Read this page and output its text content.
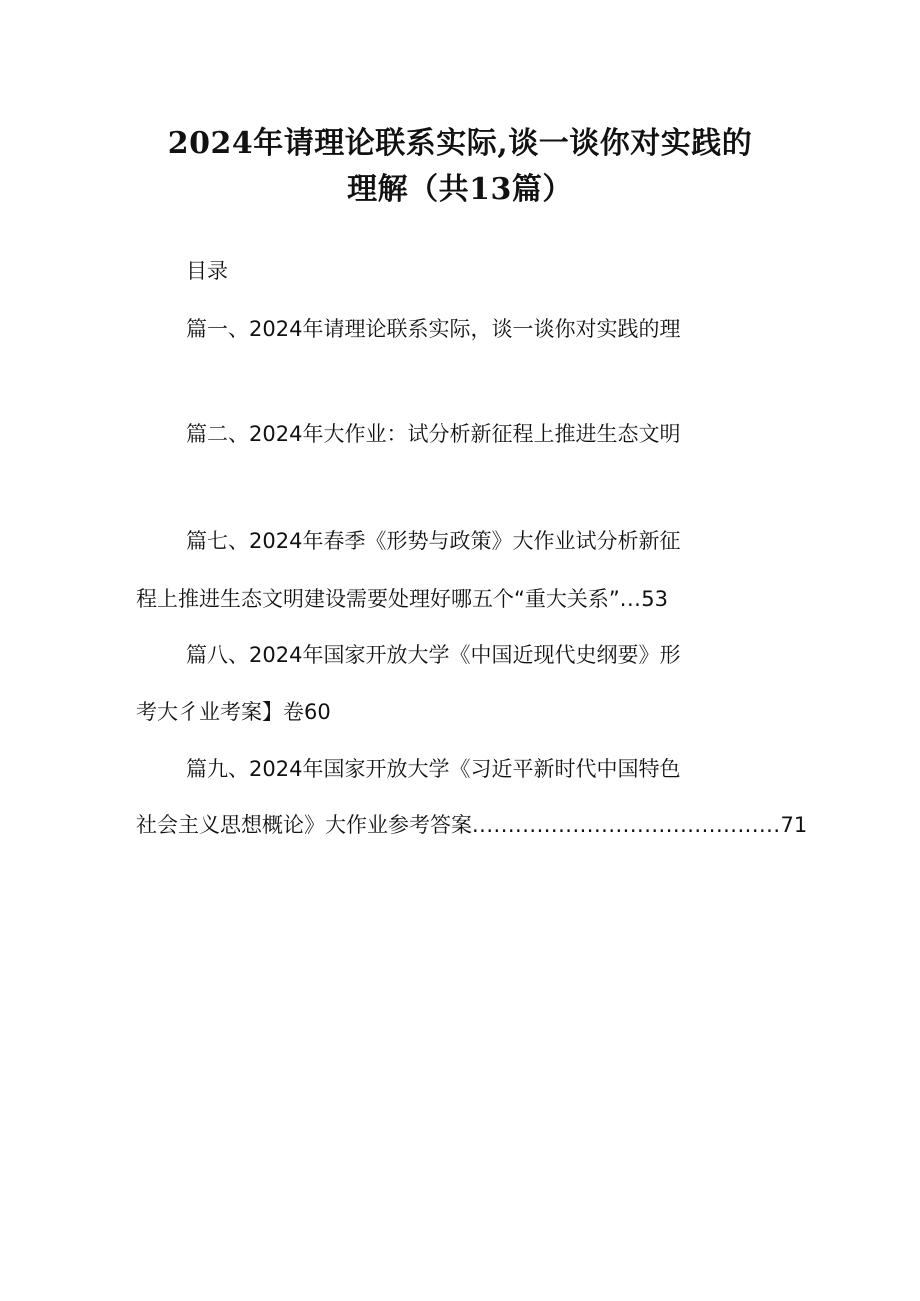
2024年请理论联系实际,谈一谈你对实践的
理解（共13篇）
目录
篇一、2024年请理论联系实际，谈一谈你对实践的理
篇二、2024年大作业：试分析新征程上推进生态文明
篇七、2024年春季《形势与政策》大作业试分析新征
程上推进生态文明建设需要处理好哪五个“重大关系”...53
篇八、2024年国家开放大学《中国近现代史纲要》形
考大彳业考案】卷60
篇九、2024年国家开放大学《习近平新时代中国特色
社会主义思想概论》大作业参考答案...........................................71
